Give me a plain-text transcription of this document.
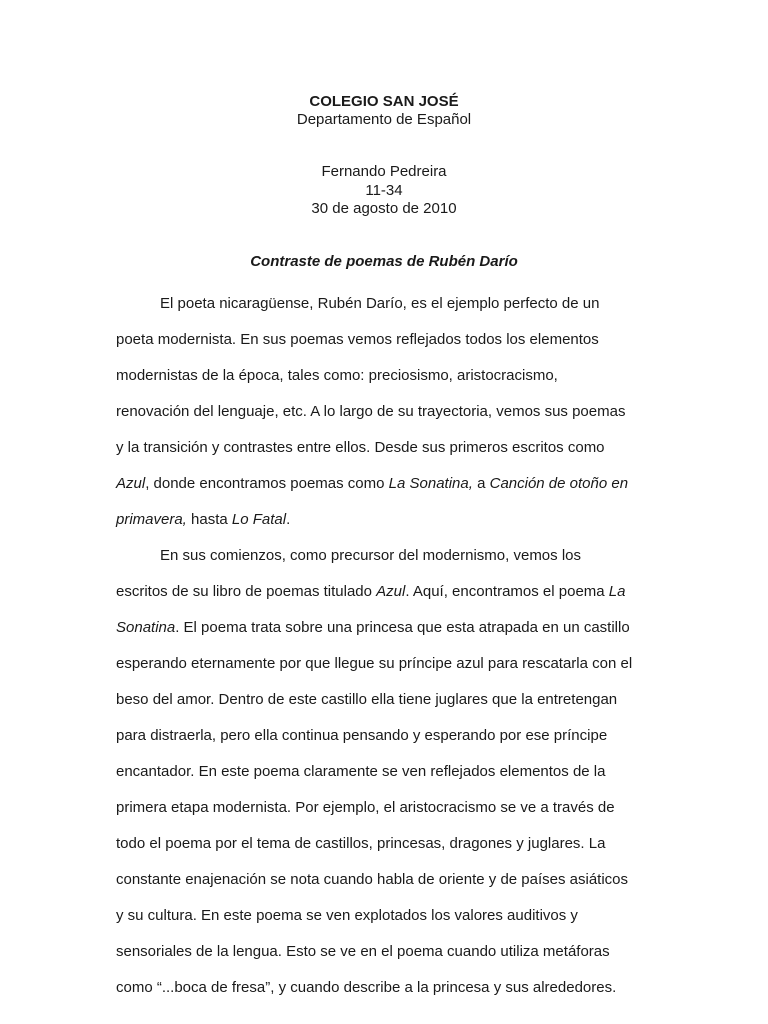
COLEGIO SAN JOSÉ
Departamento de Español
Fernando Pedreira
11-34
30 de agosto de 2010
Contraste de poemas de Rubén Darío
El poeta nicaragüense, Rubén Darío, es el ejemplo perfecto de un
poeta modernista. En sus poemas vemos reflejados todos los elementos
modernistas de la época, tales como: preciosismo, aristocracismo,
renovación del lenguaje, etc. A lo largo de su trayectoria, vemos sus poemas
y la transición y contrastes entre ellos. Desde sus primeros escritos como
Azul, donde encontramos poemas como La Sonatina, a Canción de otoño en
primavera, hasta Lo Fatal.
En sus comienzos, como precursor del modernismo, vemos los
escritos de su libro de poemas titulado Azul. Aquí, encontramos el poema La
Sonatina. El poema trata sobre una princesa que esta atrapada en un castillo
esperando eternamente por que llegue su príncipe azul para rescatarla con el
beso del amor. Dentro de este castillo ella tiene juglares que la entretengan
para distraerla, pero ella continua pensando y esperando por ese príncipe
encantador. En este poema claramente se ven reflejados elementos de la
primera etapa modernista. Por ejemplo, el aristocracismo se ve a través de
todo el poema por el tema de castillos, princesas, dragones y juglares. La
constante enajenación se nota cuando habla de oriente y de países asiáticos
y su cultura. En este poema se ven explotados los valores auditivos y
sensoriales de la lengua. Esto se ve en el poema cuando utiliza metáforas
como “...boca de fresa”, y cuando describe a la princesa y sus alrededores.
